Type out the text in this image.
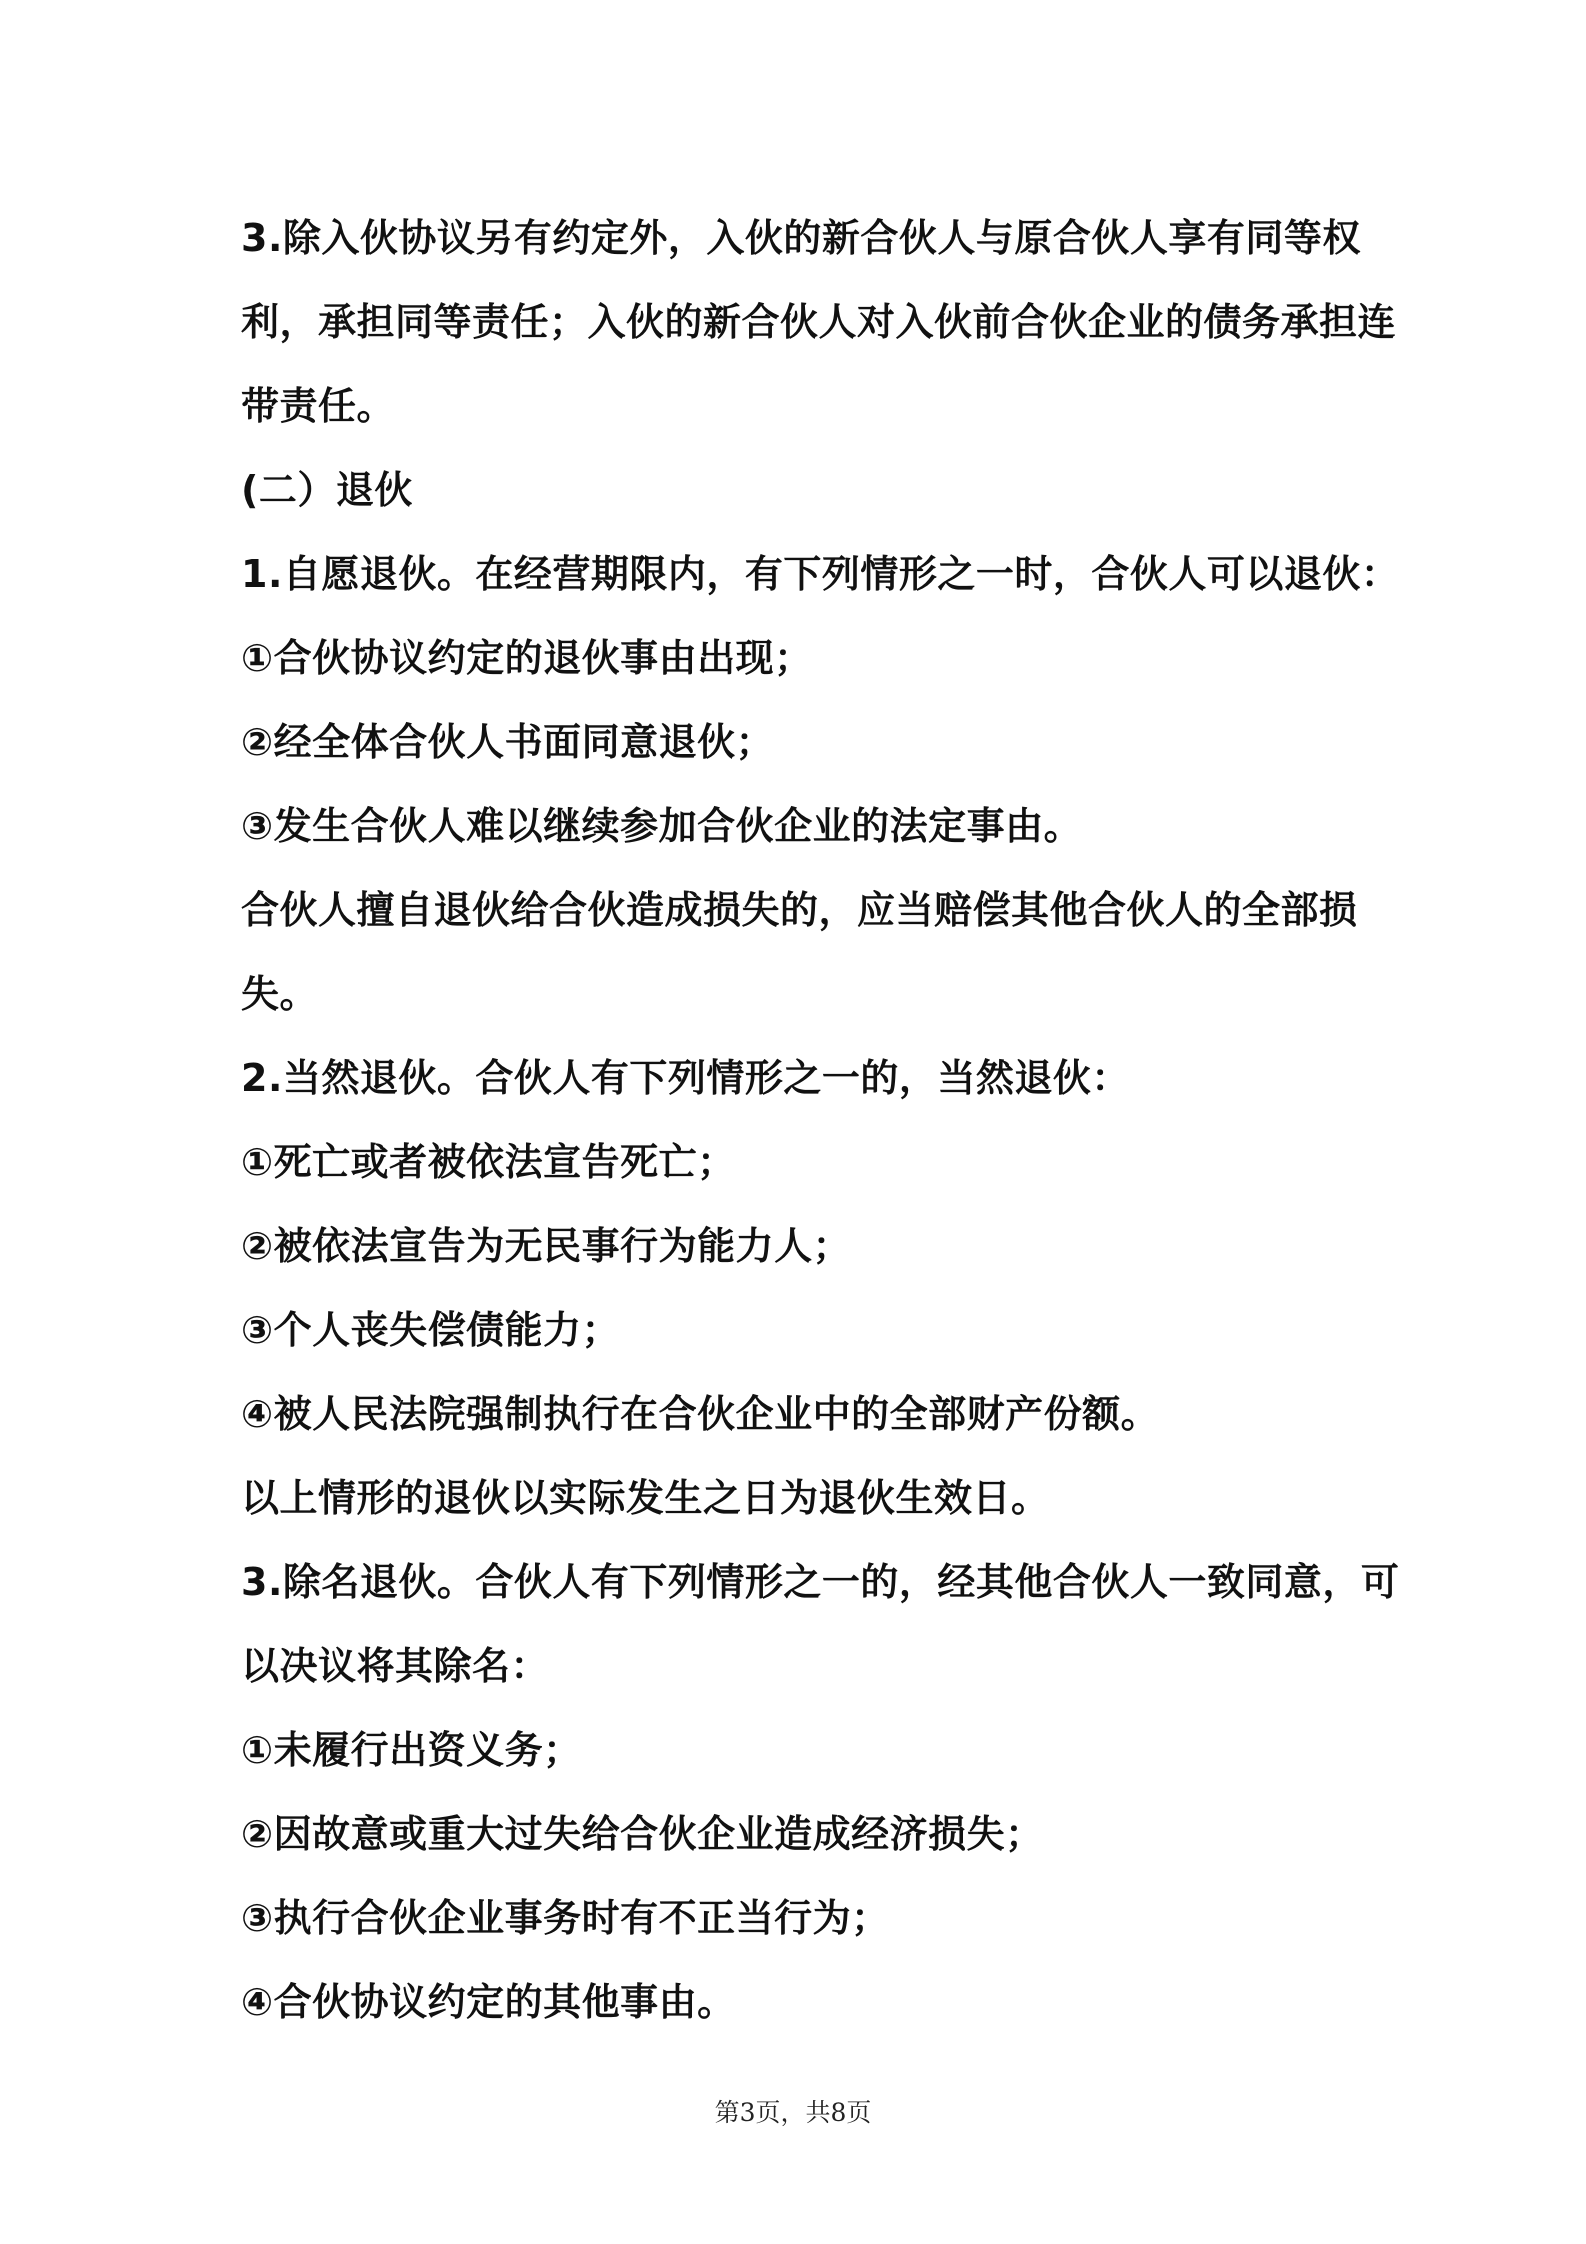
3.除入伙协议另有约定外，入伙的新合伙人与原合伙人享有同等权
利，承担同等责任；入伙的新合伙人对入伙前合伙企业的债务承担连
带责任。
(二）退伙
1.自愿退伙。在经营期限内，有下列情形之一时，合伙人可以退伙：
①合伙协议约定的退伙事由出现；
②经全体合伙人书面同意退伙；
③发生合伙人难以继续参加合伙企业的法定事由。
合伙人擅自退伙给合伙造成损失的，应当赔偿其他合伙人的全部损
失。
2.当然退伙。合伙人有下列情形之一的，当然退伙：
①死亡或者被依法宣告死亡；
②被依法宣告为无民事行为能力人；
③个人丧失偿债能力；
④被人民法院强制执行在合伙企业中的全部财产份额。
以上情形的退伙以实际发生之日为退伙生效日。
3.除名退伙。合伙人有下列情形之一的，经其他合伙人一致同意，可
以决议将其除名：
①未履行出资义务；
②因故意或重大过失给合伙企业造成经济损失；
③执行合伙企业事务时有不正当行为；
④合伙协议约定的其他事由。
第3页，共8页
